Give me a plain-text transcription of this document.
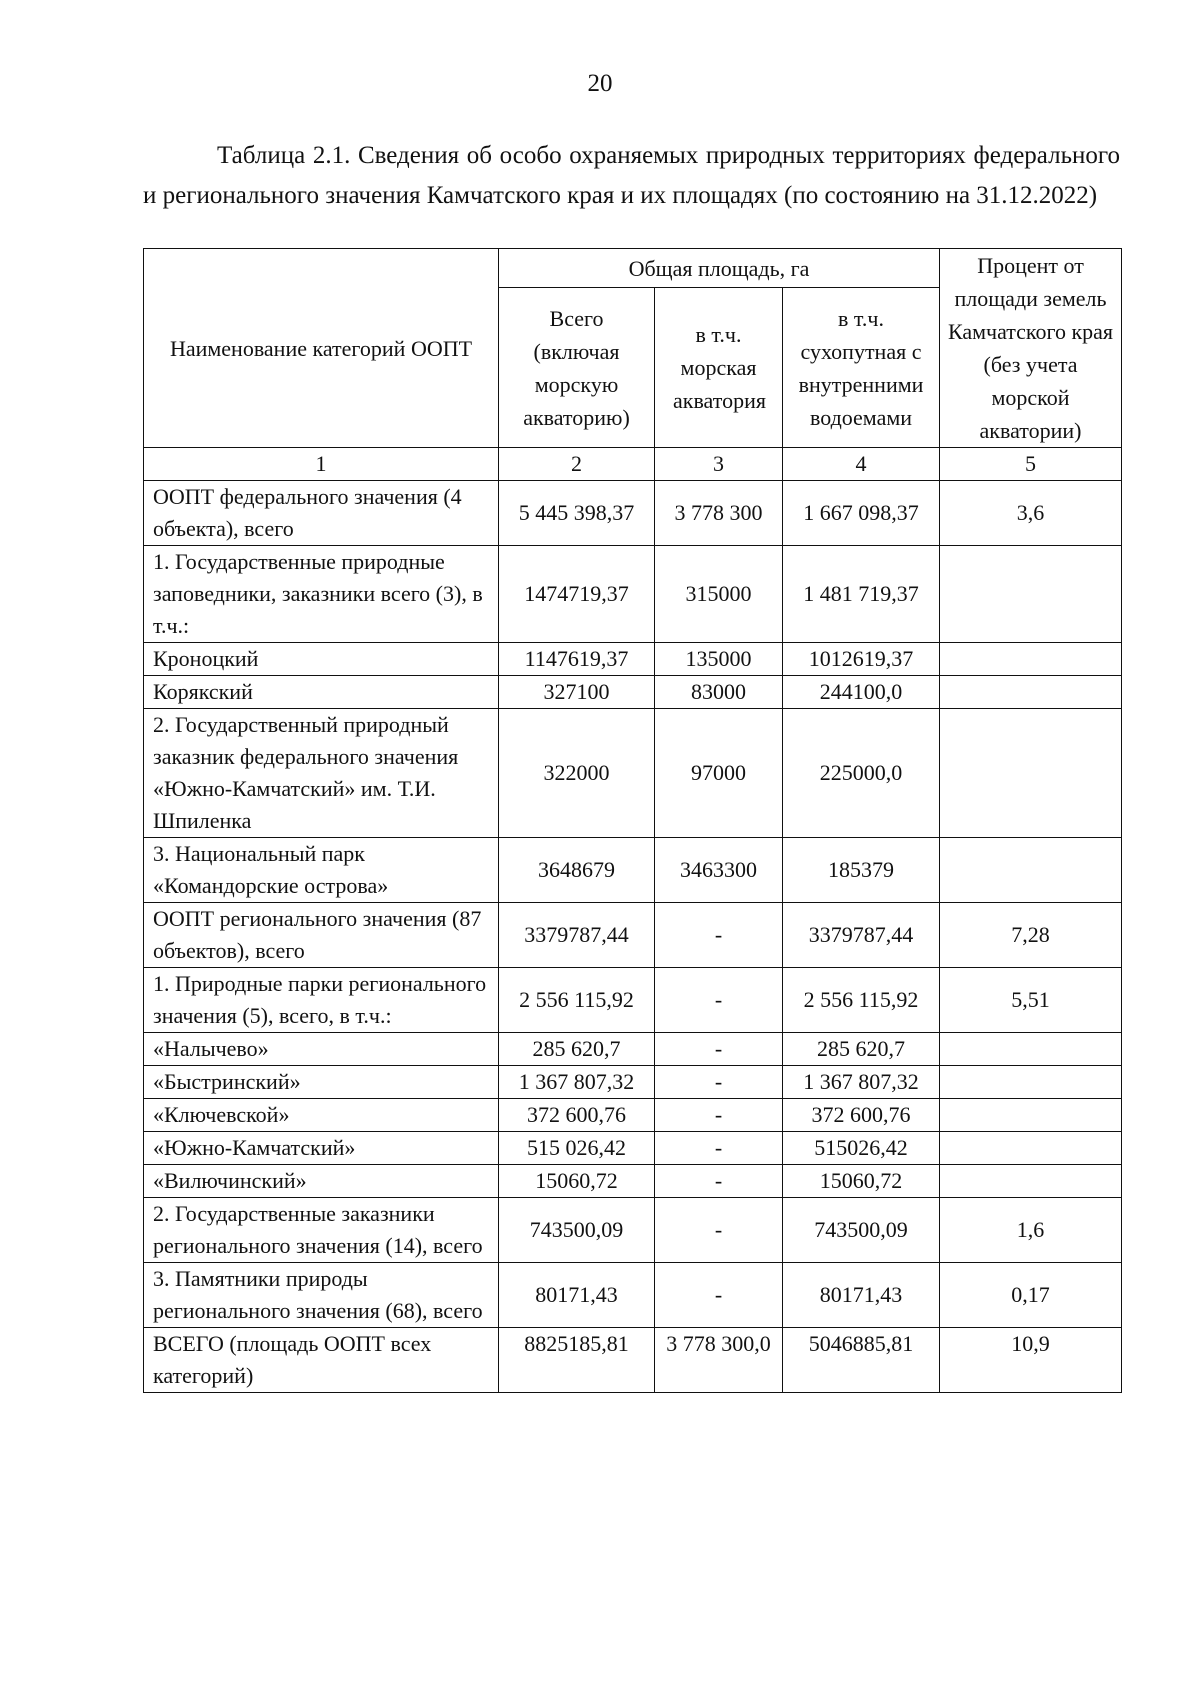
20

Таблица 2.1. Сведения об особо охраняемых природных территориях федерального и регионального значения Камчатского края и их площадях (по состоянию на 31.12.2022)

Наименование категорий ООПТ	Общая площадь, га			Процент от площади земель Камчатского края (без учета морской акватории)
	Всего (включая морскую акваторию)	в т.ч. морская акватория	в т.ч. сухопутная с внутренними водоемами	
1	2	3	4	5
ООПТ федерального значения (4 объекта), всего	5 445 398,37	3 778 300	1 667 098,37	3,6
1. Государственные природные заповедники, заказники всего (3), в т.ч.:	1474719,37	315000	1 481 719,37	
Кроноцкий	1147619,37	135000	1012619,37	
Корякский	327100	83000	244100,0	
2. Государственный природный заказник федерального значения «Южно-Камчатский» им. Т.И. Шпиленка	322000	97000	225000,0	
3. Национальный парк «Командорские острова»	3648679	3463300	185379	
ООПТ регионального значения (87 объектов), всего	3379787,44	-	3379787,44	7,28
1. Природные парки регионального значения (5), всего, в т.ч.:	2 556 115,92	-	2 556 115,92	5,51
«Налычево»	285 620,7	-	285 620,7	
«Быстринский»	1 367 807,32	-	1 367 807,32	
«Ключевской»	372 600,76	-	372 600,76	
«Южно-Камчатский»	515 026,42	-	515026,42	
«Вилючинский»	15060,72	-	15060,72	
2. Государственные заказники регионального значения (14), всего	743500,09	-	743500,09	1,6
3. Памятники природы регионального значения (68), всего	80171,43	-	80171,43	0,17
ВСЕГО (площадь ООПТ всех категорий)	8825185,81	3 778 300,0	5046885,81	10,9
